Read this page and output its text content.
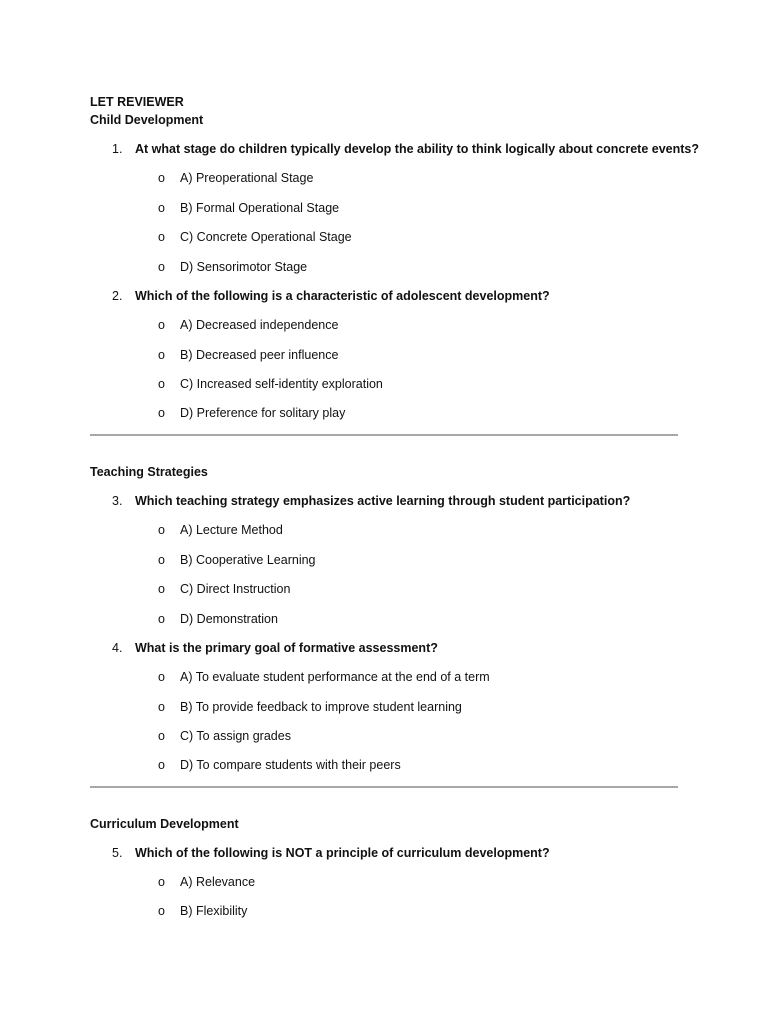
LET REVIEWER
Child Development
1. At what stage do children typically develop the ability to think logically about concrete events?
o A) Preoperational Stage
o B) Formal Operational Stage
o C) Concrete Operational Stage
o D) Sensorimotor Stage
2. Which of the following is a characteristic of adolescent development?
o A) Decreased independence
o B) Decreased peer influence
o C) Increased self-identity exploration
o D) Preference for solitary play
Teaching Strategies
3. Which teaching strategy emphasizes active learning through student participation?
o A) Lecture Method
o B) Cooperative Learning
o C) Direct Instruction
o D) Demonstration
4. What is the primary goal of formative assessment?
o A) To evaluate student performance at the end of a term
o B) To provide feedback to improve student learning
o C) To assign grades
o D) To compare students with their peers
Curriculum Development
5. Which of the following is NOT a principle of curriculum development?
o A) Relevance
o B) Flexibility
